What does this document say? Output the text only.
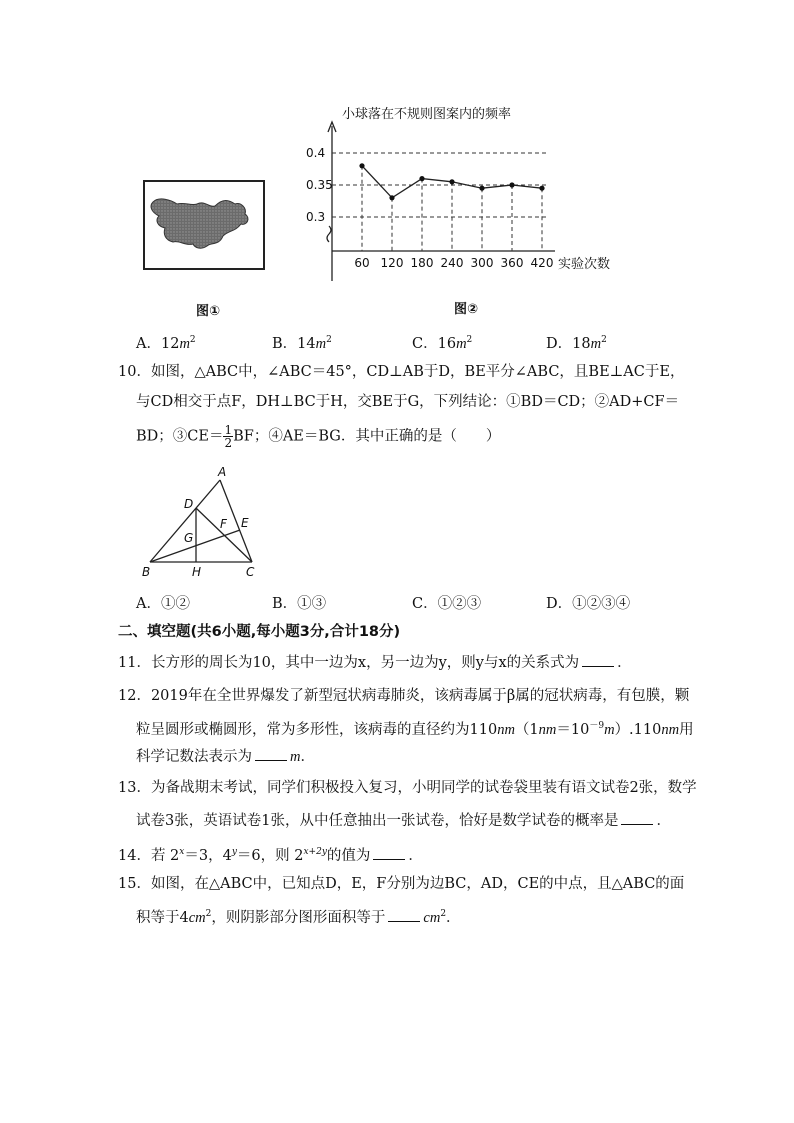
图①
小球落在不规则图案内的频率
实验次数
0.4
0.35
0.3
60 120 180 240 300 360 420
图②
A．$12m^2$	B．$14m^2$	C．$16m^2$	D．$18m^2$
10．如图，△ABC中，∠ABC＝45°，CD⊥AB于D，BE平分∠ABC，且BE⊥AC于E，
与CD相交于点F，DH⊥BC于H，交BE于G，下列结论：①BD＝CD；②AD+CF＝
BD；③CE＝ $\frac{1}{2}$ BF；④AE＝BG．其中正确的是（　　）
A
D
F E
G
B	H	C
A．①②	B．①③	C．①②③	D．①②③④
二、填空题(共6小题,每小题3分,合计18分)
11．长方形的周长为10，其中一边为x，另一边为y，则y与x的关系式为	．
12．2019年在全世界爆发了新型冠状病毒肺炎，该病毒属于β属的冠状病毒，有包膜，颗
粒呈圆形或椭圆形，常为多形性，该病毒的直径约为$110nm(1nm=10^{-9}m).110nm$用
科学记数法表示为	m．
13．为备战期末考试，同学们积极投入复习，小明同学的试卷袋里装有语文试卷2张，数学
试卷3张，英语试卷1张，从中任意抽出一张试卷，恰好是数学试卷的概率是	．
14．若 $2^x=3$，$4^y=6$，则 $2^{x+2y}$的值为	．
15．如图，在△ABC中，已知点D，E，F分别为边BC，AD，CE的中点，且△ABC的面
积等于$4cm^2$，则阴影部分图形面积等于	$cm^2$．
